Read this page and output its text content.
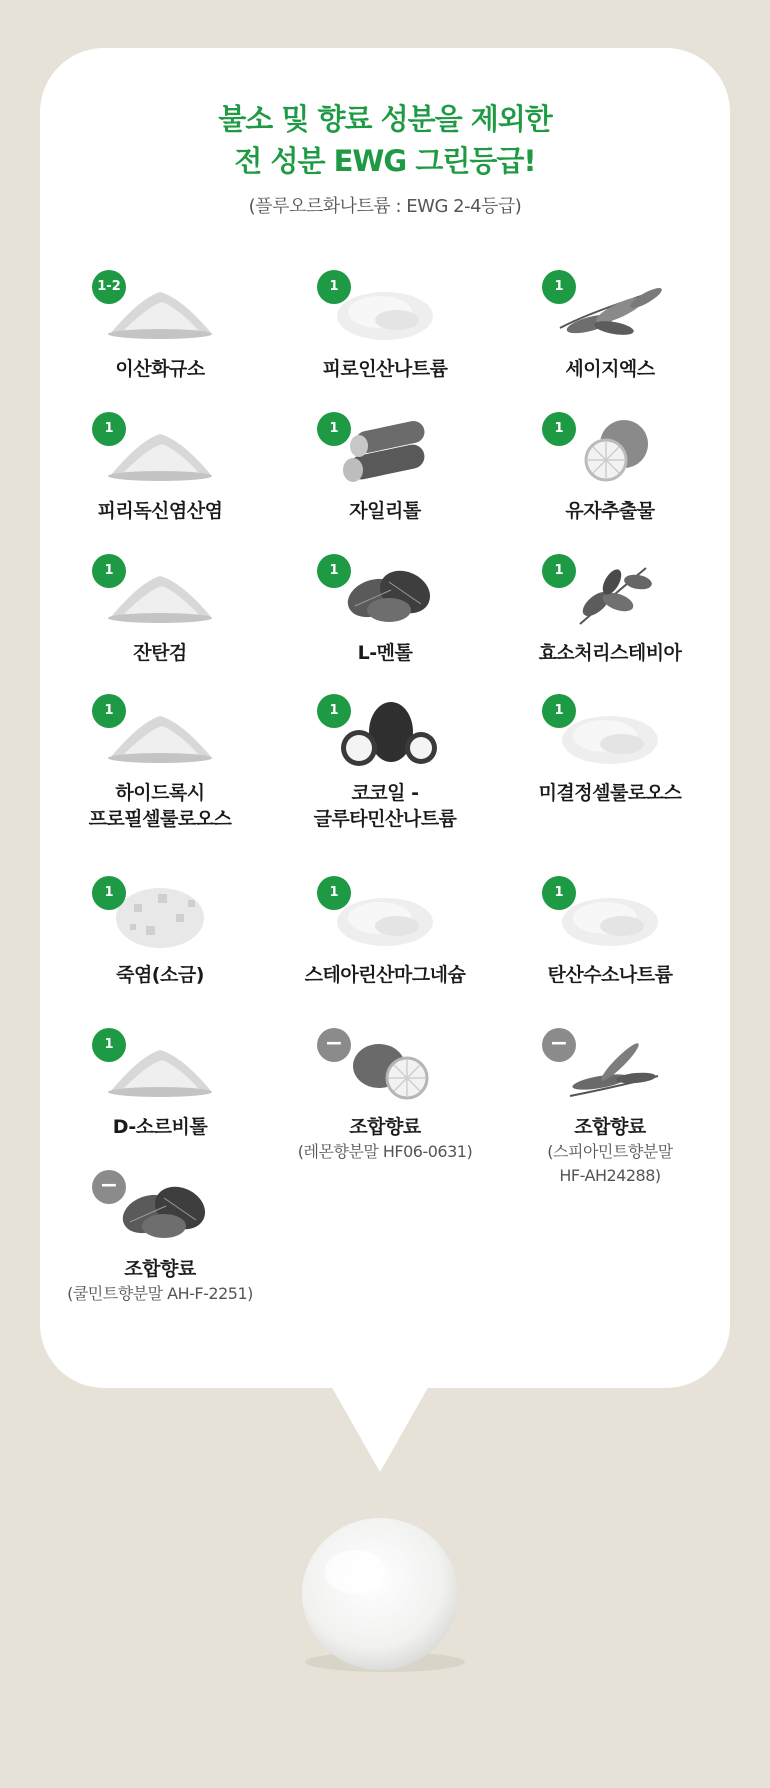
불소 및 향료 성분을 제외한
전 성분 EWG 그린등급!
(플루오르화나트륨 : EWG 2-4등급)
1-2
이산화규소
1
피로인산나트륨
1
세이지엑스
1
피리독신염산염
1
자일리톨
1
유자추출물
1
잔탄검
1
L-멘톨
1
효소처리스테비아
1
하이드록시
프로필셀룰로오스
1
코코일 -
글루타민산나트륨
1
미결정셀룰로오스
1
죽염(소금)
1
스테아린산마그네슘
1
탄산수소나트륨
1
D-소르비톨
−
조합향료
(레몬향분말 HF06-0631)
−
조합향료
(스피아민트향분말
HF-AH24288)
−
조합향료
(쿨민트향분말 AH-F-2251)
